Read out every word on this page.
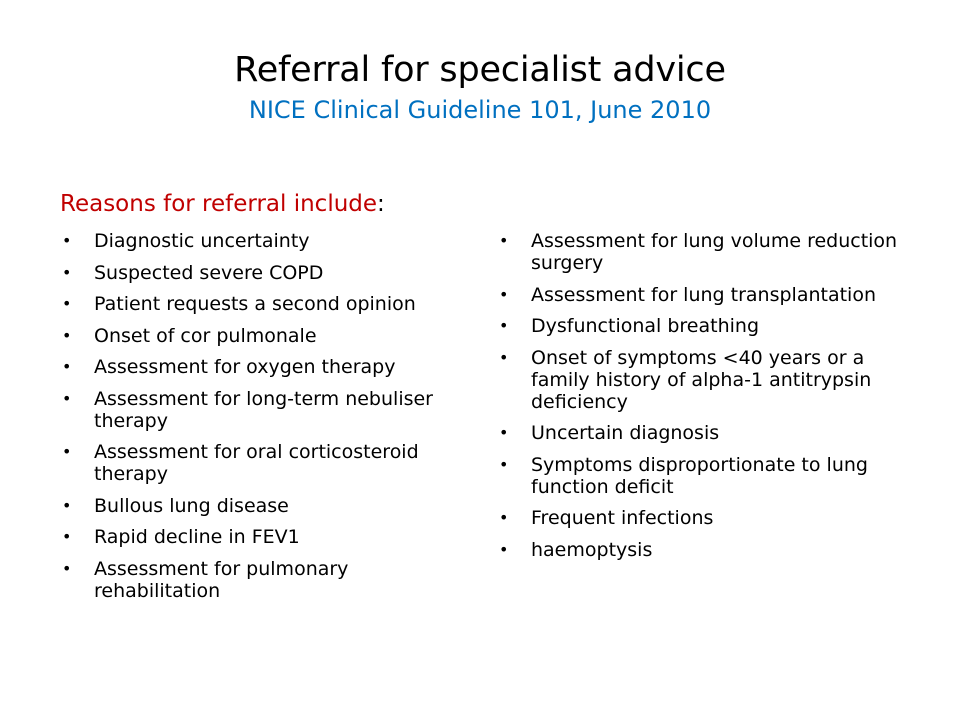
Referral for specialist advice
NICE Clinical Guideline 101, June 2010
Reasons for referral include:
• Diagnostic uncertainty
• Suspected severe COPD
• Patient requests a second opinion
• Onset of cor pulmonale
• Assessment for oxygen therapy
• Assessment for long-term nebuliser therapy
• Assessment for oral corticosteroid therapy
• Bullous lung disease
• Rapid decline in FEV1
• Assessment for pulmonary rehabilitation
• Assessment for lung volume reduction surgery
• Assessment for lung transplantation
• Dysfunctional breathing
• Onset of symptoms <40 years or a family history of alpha-1 antitrypsin deficiency
• Uncertain diagnosis
• Symptoms disproportionate to lung function deficit
• Frequent infections
• haemoptysis
